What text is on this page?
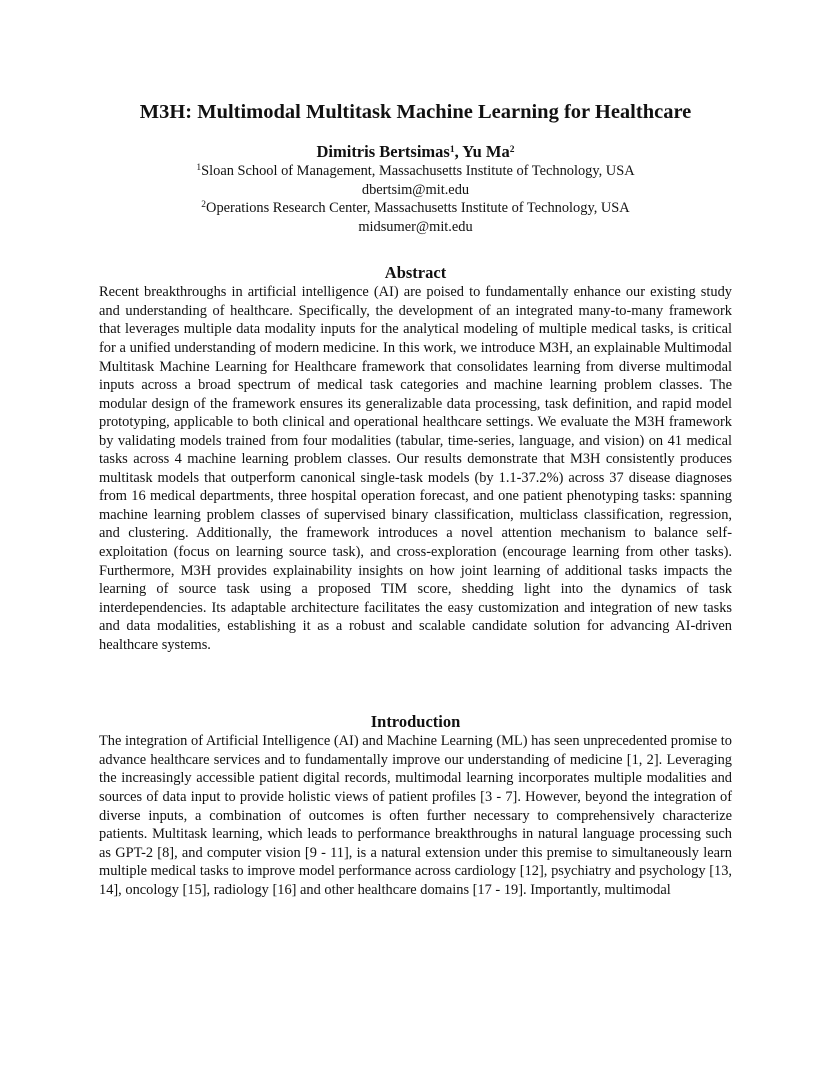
M3H: Multimodal Multitask Machine Learning for Healthcare
Dimitris Bertsimas$^1$, Yu Ma$^2$
$^1$Sloan School of Management, Massachusetts Institute of Technology, USA
dbertsim@mit.edu
$^2$Operations Research Center, Massachusetts Institute of Technology, USA
midsumer@mit.edu
Abstract

Recent breakthroughs in artificial intelligence (AI) are poised to fundamentally enhance our existing study and understanding of healthcare. Specifically, the development of an integrated many-to-many framework that leverages multiple data modality inputs for the analytical modeling of multiple medical tasks, is critical for a unified understanding of modern medicine. In this work, we introduce M3H, an explainable Multimodal Multitask Machine Learning for Healthcare framework that consolidates learning from diverse multimodal inputs across a broad spectrum of medical task categories and machine learning problem classes. The modular design of the framework ensures its generalizable data processing, task definition, and rapid model prototyping, applicable to both clinical and operational healthcare settings. We evaluate the M3H framework by validating models trained from four modalities (tabular, time-series, language, and vision) on 41 medical tasks across 4 machine learning problem classes. Our results demonstrate that M3H consistently produces multitask models that outperform canonical single-task models (by 1.1-37.2%) across 37 disease diagnoses from 16 medical departments, three hospital operation forecast, and one patient phenotyping tasks: spanning machine learning problem classes of supervised binary classification, multiclass classification, regression, and clustering. Additionally, the framework introduces a novel attention mechanism to balance self-exploitation (focus on learning source task), and cross-exploration (encourage learning from other tasks). Furthermore, M3H provides explainability insights on how joint learning of additional tasks impacts the learning of source task using a proposed TIM score, shedding light into the dynamics of task interdependencies. Its adaptable architecture facilitates the easy customization and integration of new tasks and data modalities, establishing it as a robust and scalable candidate solution for advancing AI-driven healthcare systems.

Introduction

The integration of Artificial Intelligence (AI) and Machine Learning (ML) has seen unprecedented promise to advance healthcare services and to fundamentally improve our understanding of medicine [1, 2]. Leveraging the increasingly accessible patient digital records, multimodal learning incorporates multiple modalities and sources of data input to provide holistic views of patient profiles [3 - 7]. However, beyond the integration of diverse inputs, a combination of outcomes is often further necessary to comprehensively characterize patients. Multitask learning, which leads to performance breakthroughs in natural language processing such as GPT-2 [8], and computer vision [9 - 11], is a natural extension under this premise to simultaneously learn multiple medical tasks to improve model performance across cardiology [12], psychiatry and psychology [13, 14], oncology [15], radiology [16] and other healthcare domains [17 - 19]. Importantly, multimodal
